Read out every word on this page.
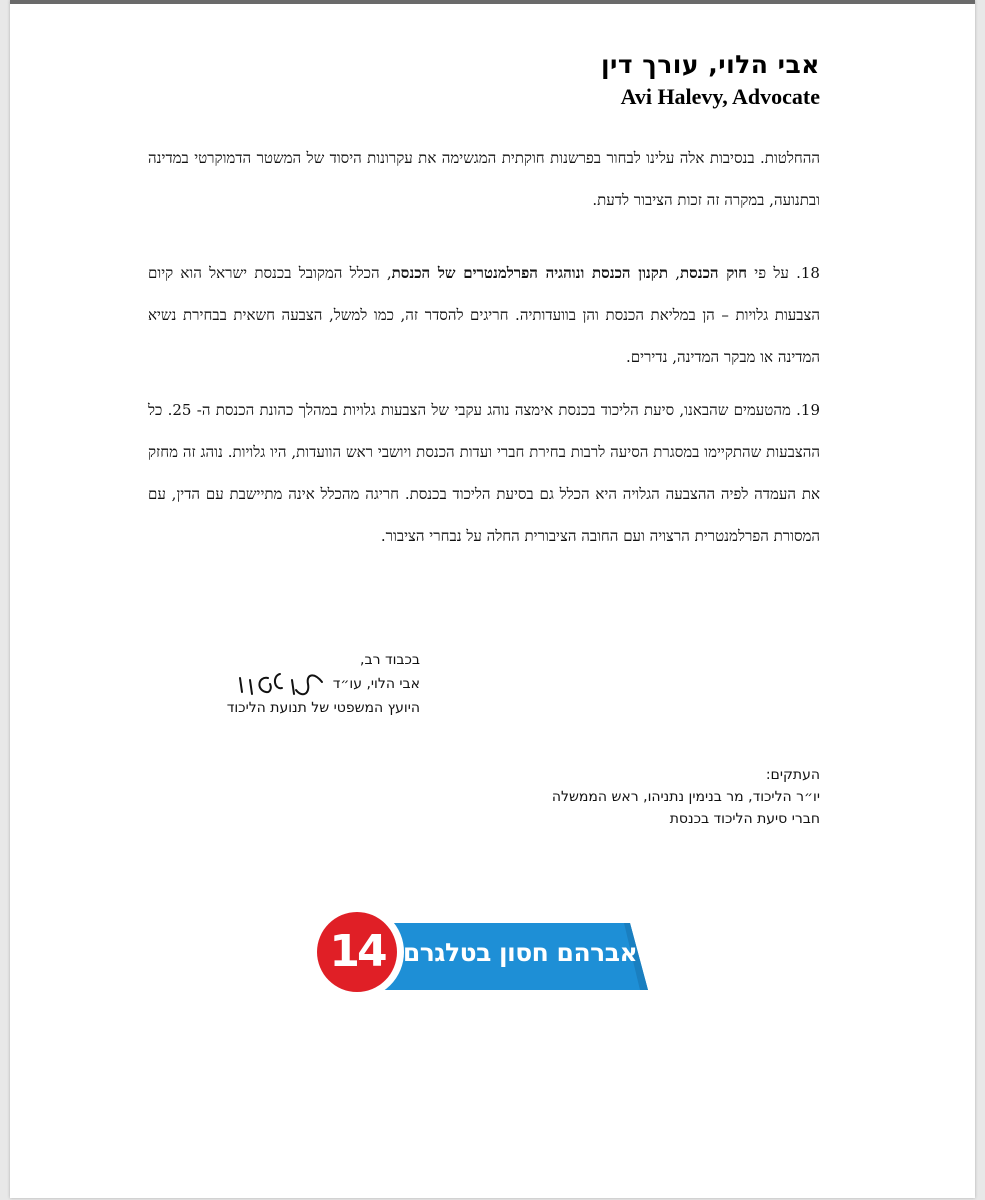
אבי הלוי, עורך דין
Avi Halevy, Advocate
ההחלטות. בנסיבות אלה עלינו לבחור בפרשנות חוקתית המגשימה את עקרונות היסוד של המשטר הדמוקרטי במדינה ובתנועה, במקרה זה זכות הציבור לדעת.
18. על פי חוק הכנסת, תקנון הכנסת ונוהגיה הפרלמנטרים של הכנסת, הכלל המקובל בכנסת ישראל הוא קיום הצבעות גלויות – הן במליאת הכנסת והן בוועדותיה. חריגים להסדר זה, כמו למשל, הצבעה חשאית בבחירת נשיא המדינה או מבקר המדינה, נדירים.
19. מהטעמים שהבאנו, סיעת הליכוד בכנסת אימצה נוהג עקבי של הצבעות גלויות במהלך כהונת הכנסת ה- 25. כל ההצבעות שהתקיימו במסגרת הסיעה לרבות בחירת חברי ועדות הכנסת ויושבי ראש הוועדות, היו גלויות. נוהג זה מחזק את העמדה לפיה ההצבעה הגלויה היא הכלל גם בסיעת הליכוד בכנסת. חריגה מהכלל אינה מתיישבת עם הדין, עם המסורת הפרלמנטרית הרצויה ועם החובה הציבורית החלה על נבחרי הציבור.
בכבוד רב,
אבי הלוי, עו״ד
היועץ המשפטי של תנועת הליכוד
העתקים:
יו״ר הליכוד, מר בנימין נתניהו, ראש הממשלה
חברי סיעת הליכוד בכנסת
14 אברהם חסון בטלגרם
